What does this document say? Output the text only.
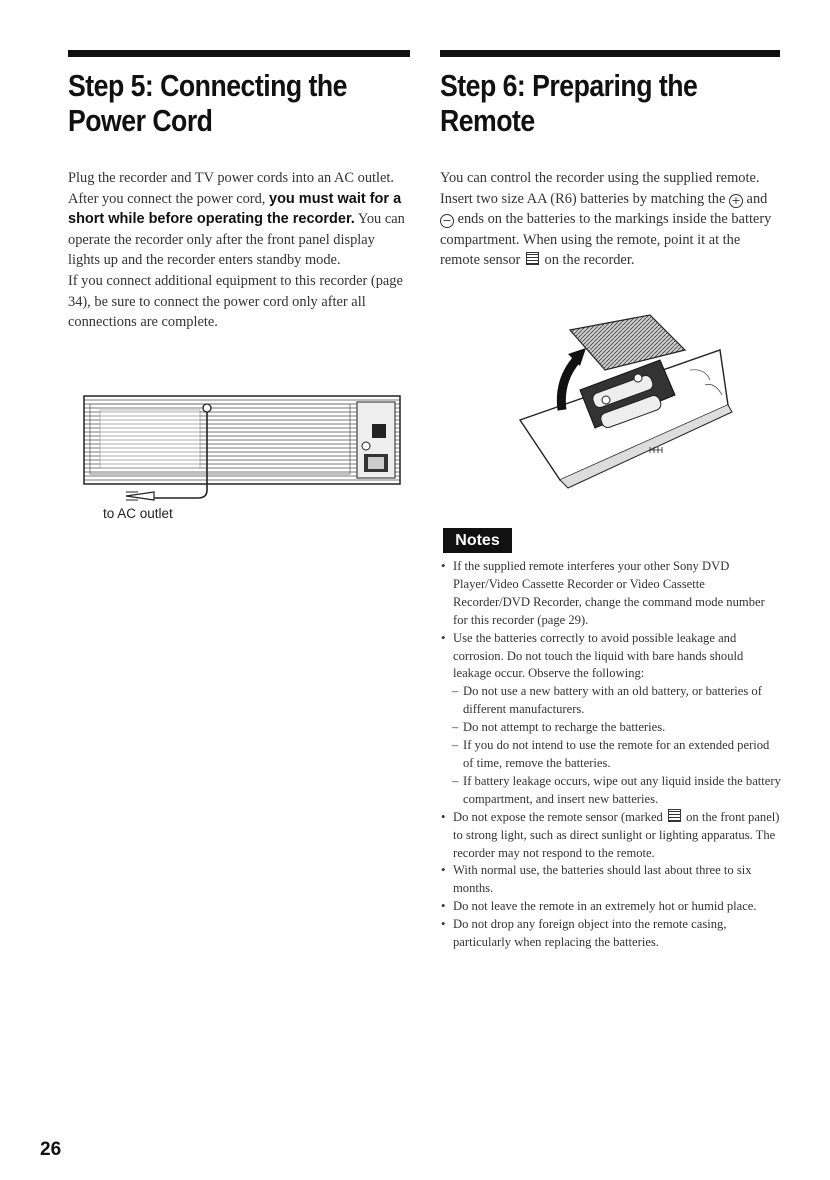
Step 5: Connecting the
Power Cord

Plug the recorder and TV power cords into an AC outlet. After you connect the power cord, you must wait for a short while before operating the recorder. You can operate the recorder only after the front panel display lights up and the recorder enters standby mode.

If you connect additional equipment to this recorder (page 34), be sure to connect the power cord only after all connections are complete.

to AC outlet
Step 6: Preparing the
Remote

You can control the recorder using the supplied remote. Insert two size AA (R6) batteries by matching the + and − ends on the batteries to the markings inside the battery compartment. When using the remote, point it at the remote sensor  on the recorder.

Notes
• If the supplied remote interferes your other Sony DVD Player/Video Cassette Recorder or Video Cassette Recorder/DVD Recorder, change the command mode number for this recorder (page 29).
• Use the batteries correctly to avoid possible leakage and corrosion. Do not touch the liquid with bare hands should leakage occur. Observe the following:
– Do not use a new battery with an old battery, or batteries of different manufacturers.
– Do not attempt to recharge the batteries.
– If you do not intend to use the remote for an extended period of time, remove the batteries.
– If battery leakage occurs, wipe out any liquid inside the battery compartment, and insert new batteries.
• Do not expose the remote sensor (marked  on the front panel) to strong light, such as direct sunlight or lighting apparatus. The recorder may not respond to the remote.
• With normal use, the batteries should last about three to six months.
• Do not leave the remote in an extremely hot or humid place.
• Do not drop any foreign object into the remote casing, particularly when replacing the batteries.
26
